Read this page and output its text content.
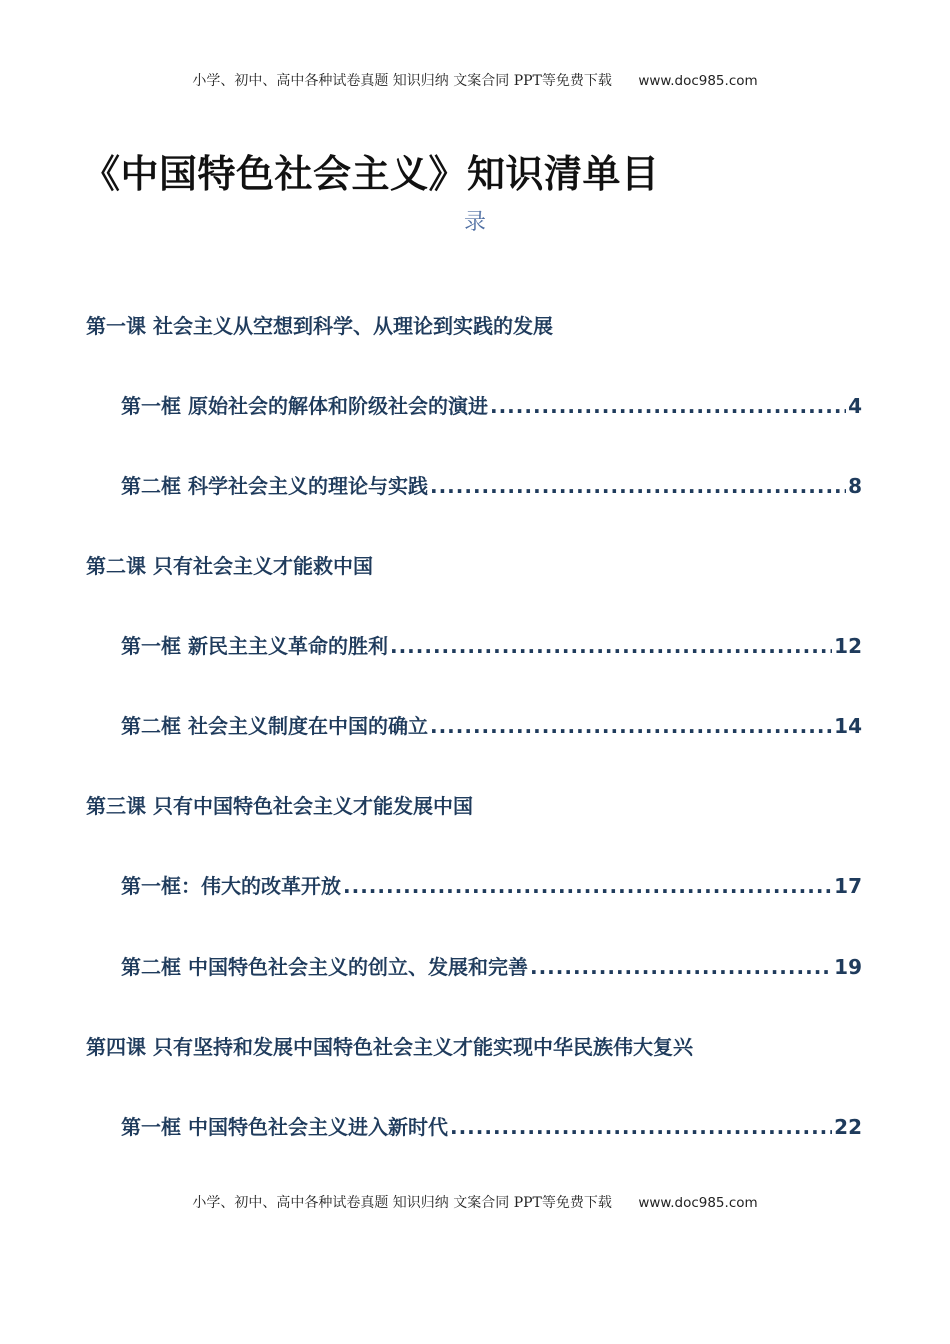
小学、初中、高中各种试卷真题 知识归纳 文案合同 PPT等免费下载 www.doc985.com
《中国特色社会主义》知识清单目
录
第一课 社会主义从空想到科学、从理论到实践的发展
第一框 原始社会的解体和阶级社会的演进 .....	4
第二框 科学社会主义的理论与实践 .....	8
第二课 只有社会主义才能救中国
第一框 新民主主义革命的胜利 .....	12
第二框 社会主义制度在中国的确立 .....	14
第三课 只有中国特色社会主义才能发展中国
第一框：伟大的改革开放 .....	17
第二框 中国特色社会主义的创立、发展和完善 .....	19
第四课 只有坚持和发展中国特色社会主义才能实现中华民族伟大复兴
第一框 中国特色社会主义进入新时代 .....	22
小学、初中、高中各种试卷真题 知识归纳 文案合同 PPT等免费下载 www.doc985.com
